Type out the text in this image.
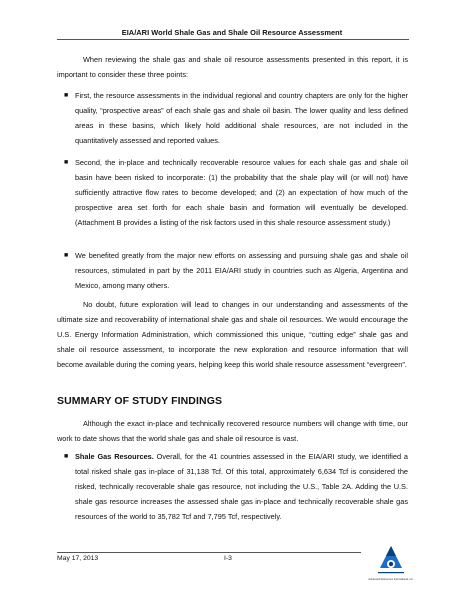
EIA/ARI World Shale Gas and Shale Oil Resource Assessment

When reviewing the shale gas and shale oil resource assessments presented in this report, it is important to consider these three points:

■ First, the resource assessments in the individual regional and country chapters are only for the higher quality, “prospective areas” of each shale gas and shale oil basin. The lower quality and less defined areas in these basins, which likely hold additional shale resources, are not included in the quantitatively assessed and reported values.

■ Second, the in-place and technically recoverable resource values for each shale gas and shale oil basin have been risked to incorporate: (1) the probability that the shale play will (or will not) have sufficiently attractive flow rates to become developed; and (2) an expectation of how much of the prospective area set forth for each shale basin and formation will eventually be developed. (Attachment B provides a listing of the risk factors used in this shale resource assessment study.)

■ We benefited greatly from the major new efforts on assessing and pursuing shale gas and shale oil resources, stimulated in part by the 2011 EIA/ARI study in countries such as Algeria, Argentina and Mexico, among many others.

No doubt, future exploration will lead to changes in our understanding and assessments of the ultimate size and recoverability of international shale gas and shale oil resources. We would encourage the U.S. Energy Information Administration, which commissioned this unique, “cutting edge” shale gas and shale oil resource assessment, to incorporate the new exploration and resource information that will become available during the coming years, helping keep this world shale resource assessment “evergreen”.

SUMMARY OF STUDY FINDINGS

Although the exact in-place and technically recovered resource numbers will change with time, our work to date shows that the world shale gas and shale oil resource is vast.

■ Shale Gas Resources. Overall, for the 41 countries assessed in the EIA/ARI study, we identified a total risked shale gas in-place of 31,138 Tcf. Of this total, approximately 6,634 Tcf is considered the risked, technically recoverable shale gas resource, not including the U.S., Table 2A. Adding the U.S. shale gas resource increases the assessed shale gas in-place and technically recoverable shale gas resources of the world to 35,782 Tcf and 7,795 Tcf, respectively.

May 17, 2013	I-3
Advanced Resources International, Inc.
